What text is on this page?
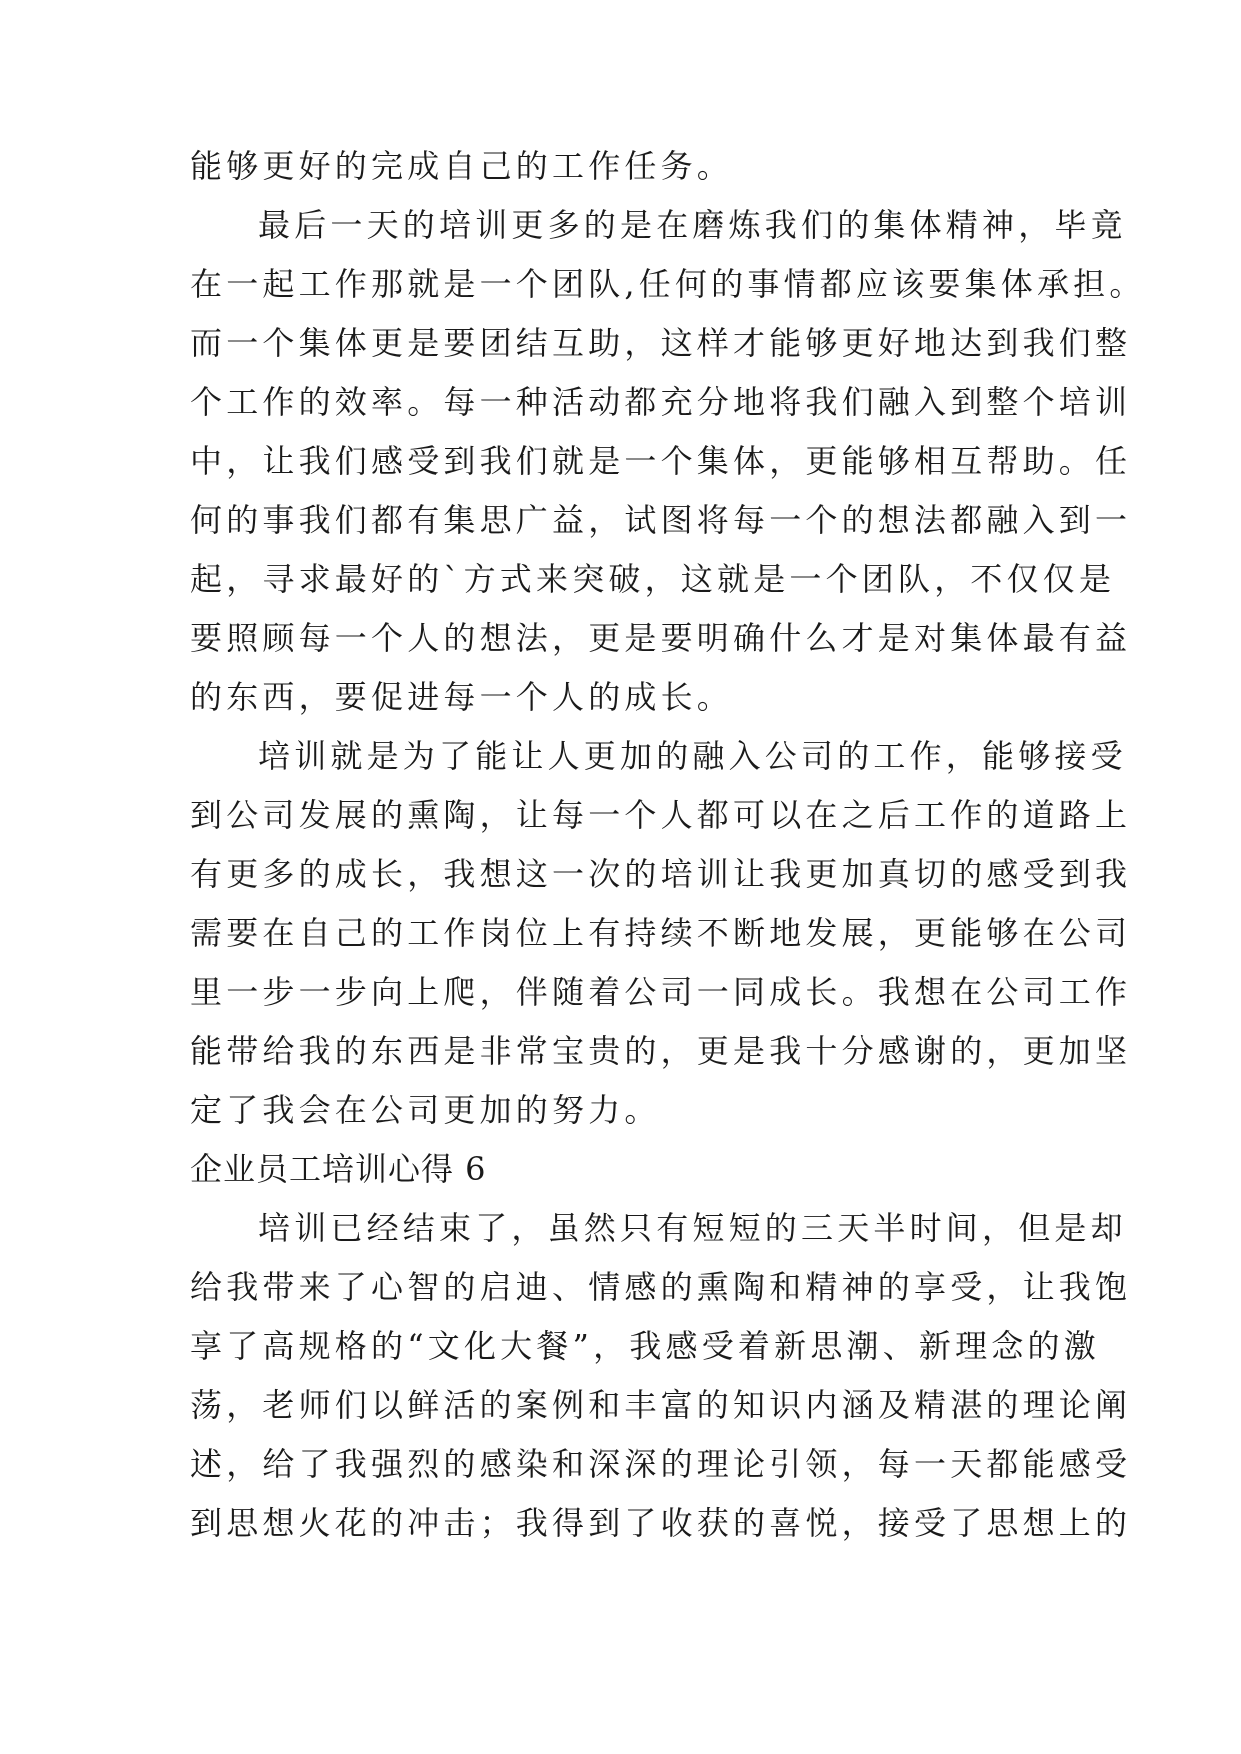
能够更好的完成自己的工作任务。

最后一天的培训更多的是在磨炼我们的集体精神，毕竟

在一起工作那就是一个团队,任何的事情都应该要集体承担。

而一个集体更是要团结互助，这样才能够更好地达到我们整

个工作的效率。每一种活动都充分地将我们融入到整个培训

中，让我们感受到我们就是一个集体，更能够相互帮助。任

何的事我们都有集思广益，试图将每一个的想法都融入到一

起，寻求最好的`方式来突破，这就是一个团队，不仅仅是

要照顾每一个人的想法，更是要明确什么才是对集体最有益

的东西，要促进每一个人的成长。

培训就是为了能让人更加的融入公司的工作，能够接受

到公司发展的熏陶，让每一个人都可以在之后工作的道路上

有更多的成长，我想这一次的培训让我更加真切的感受到我

需要在自己的工作岗位上有持续不断地发展，更能够在公司

里一步一步向上爬，伴随着公司一同成长。我想在公司工作

能带给我的东西是非常宝贵的，更是我十分感谢的，更加坚

定了我会在公司更加的努力。

企业员工培训心得 6

培训已经结束了，虽然只有短短的三天半时间，但是却

给我带来了心智的启迪、情感的熏陶和精神的享受，让我饱

享了高规格的“文化大餐”，我感受着新思潮、新理念的激

荡，老师们以鲜活的案例和丰富的知识内涵及精湛的理论阐

述，给了我强烈的感染和深深的理论引领，每一天都能感受

到思想火花的冲击；我得到了收获的喜悦，接受了思想上的
